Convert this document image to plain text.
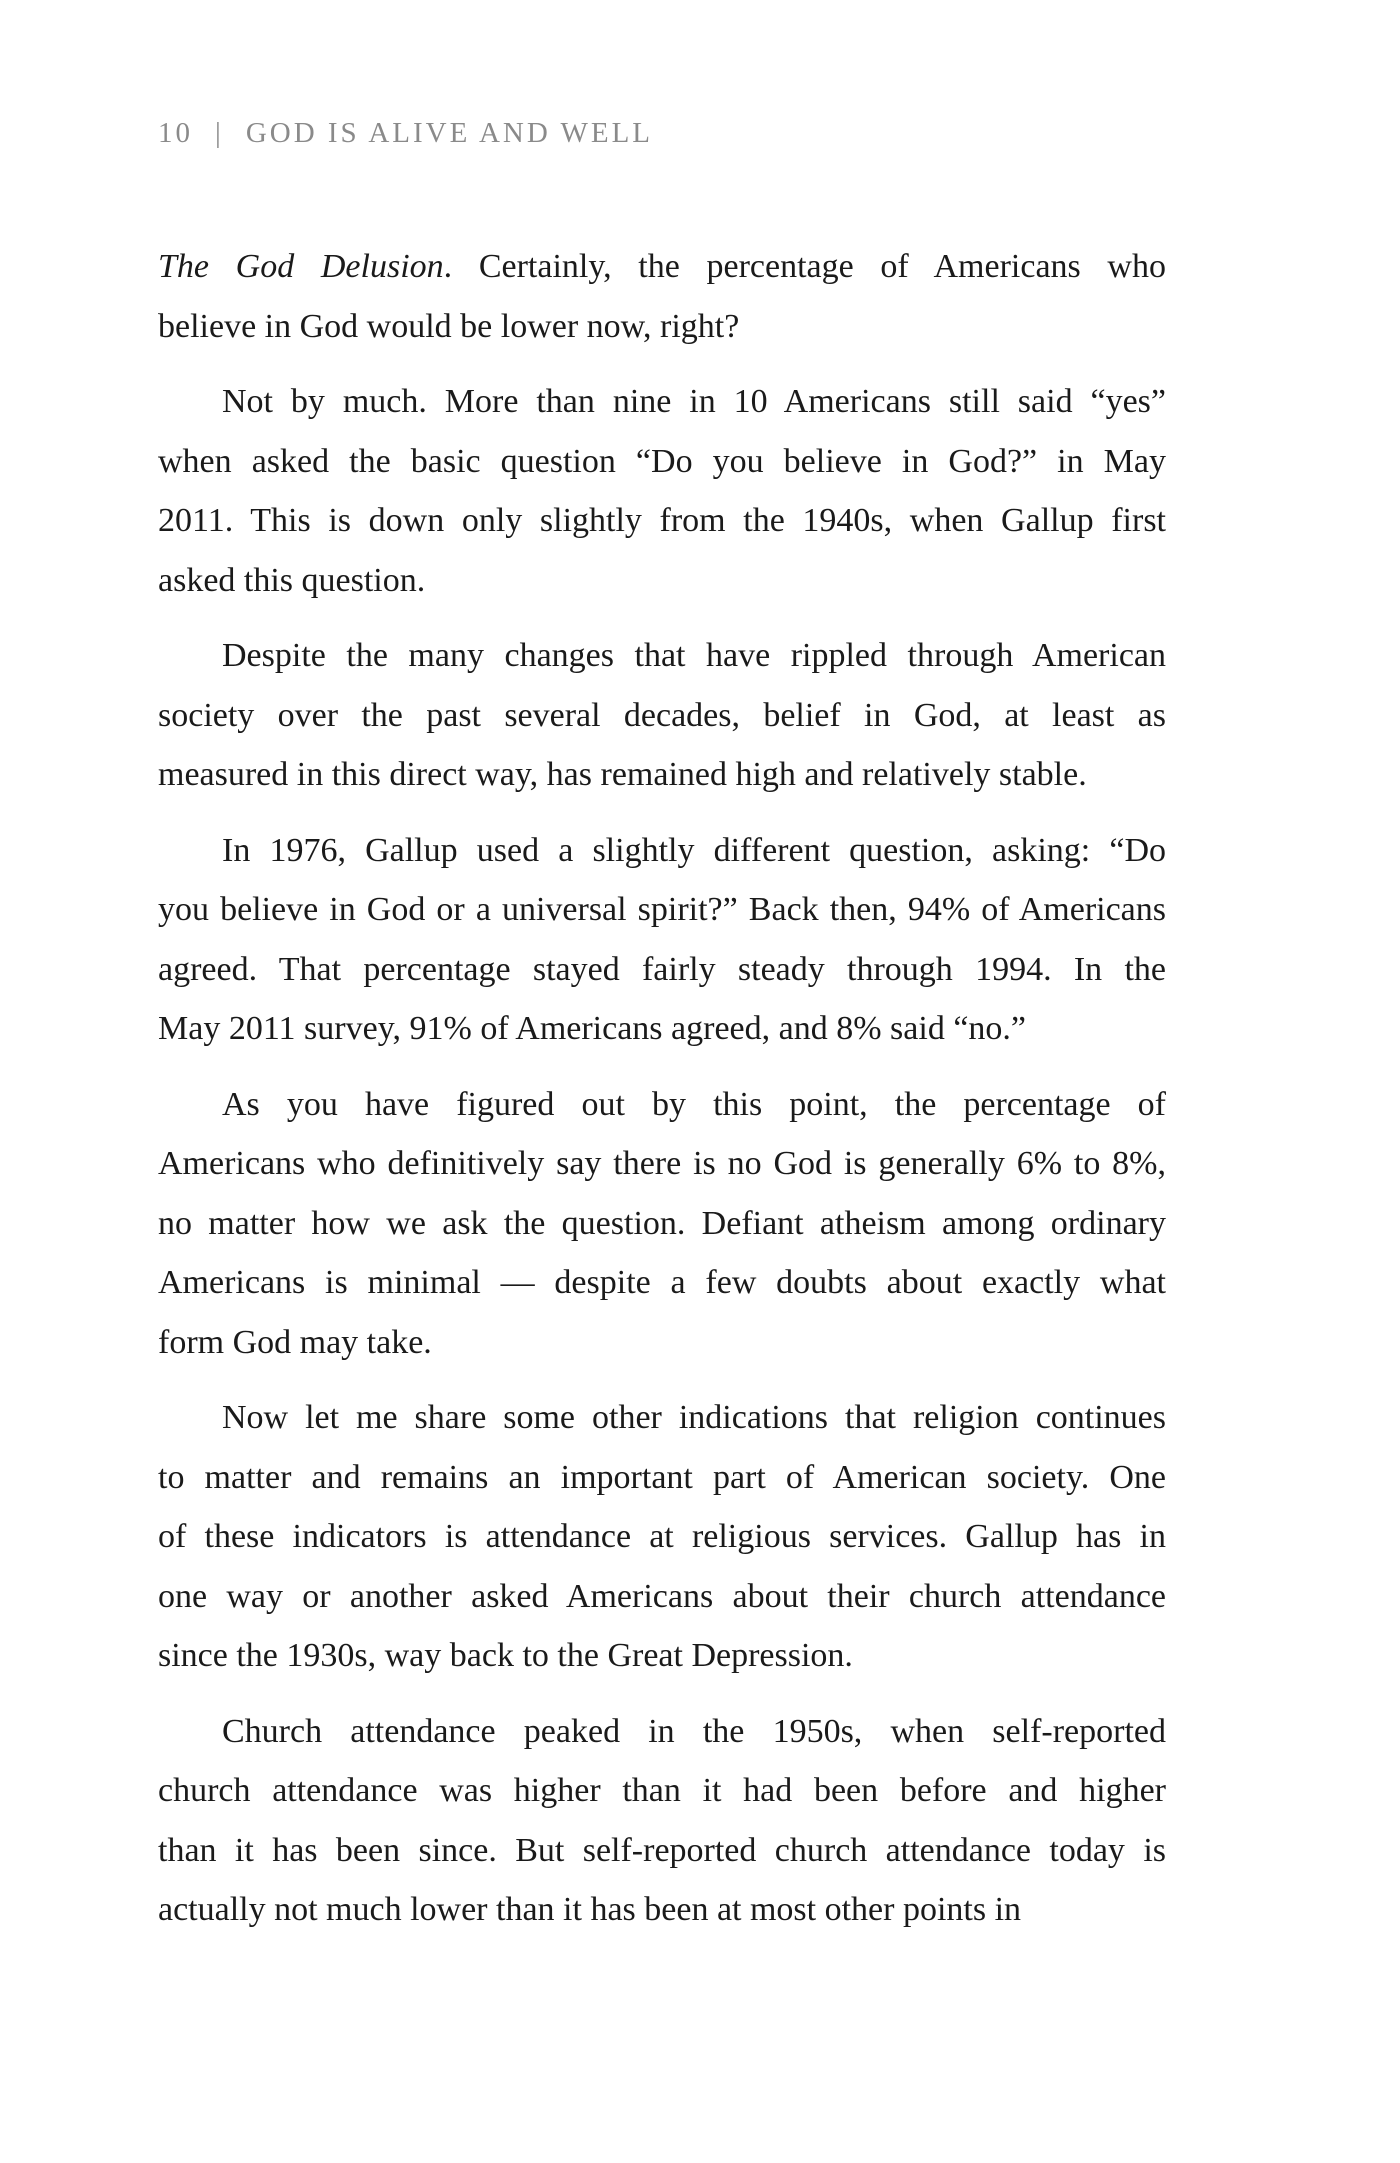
10 | GOD IS ALIVE AND WELL
The God Delusion. Certainly, the percentage of Americans who
believe in God would be lower now, right?
Not by much. More than nine in 10 Americans still said “yes”
when asked the basic question “Do you believe in God?” in May
2011. This is down only slightly from the 1940s, when Gallup first
asked this question.
Despite the many changes that have rippled through American
society over the past several decades, belief in God, at least as
measured in this direct way, has remained high and relatively stable.
In 1976, Gallup used a slightly different question, asking: “Do
you believe in God or a universal spirit?” Back then, 94% of Americans
agreed. That percentage stayed fairly steady through 1994. In the
May 2011 survey, 91% of Americans agreed, and 8% said “no.”
As you have figured out by this point, the percentage of
Americans who definitively say there is no God is generally 6% to 8%,
no matter how we ask the question. Defiant atheism among ordinary
Americans is minimal — despite a few doubts about exactly what
form God may take.
Now let me share some other indications that religion continues
to matter and remains an important part of American society. One
of these indicators is attendance at religious services. Gallup has in
one way or another asked Americans about their church attendance
since the 1930s, way back to the Great Depression.
Church attendance peaked in the 1950s, when self-reported
church attendance was higher than it had been before and higher
than it has been since. But self-reported church attendance today is
actually not much lower than it has been at most other points in
